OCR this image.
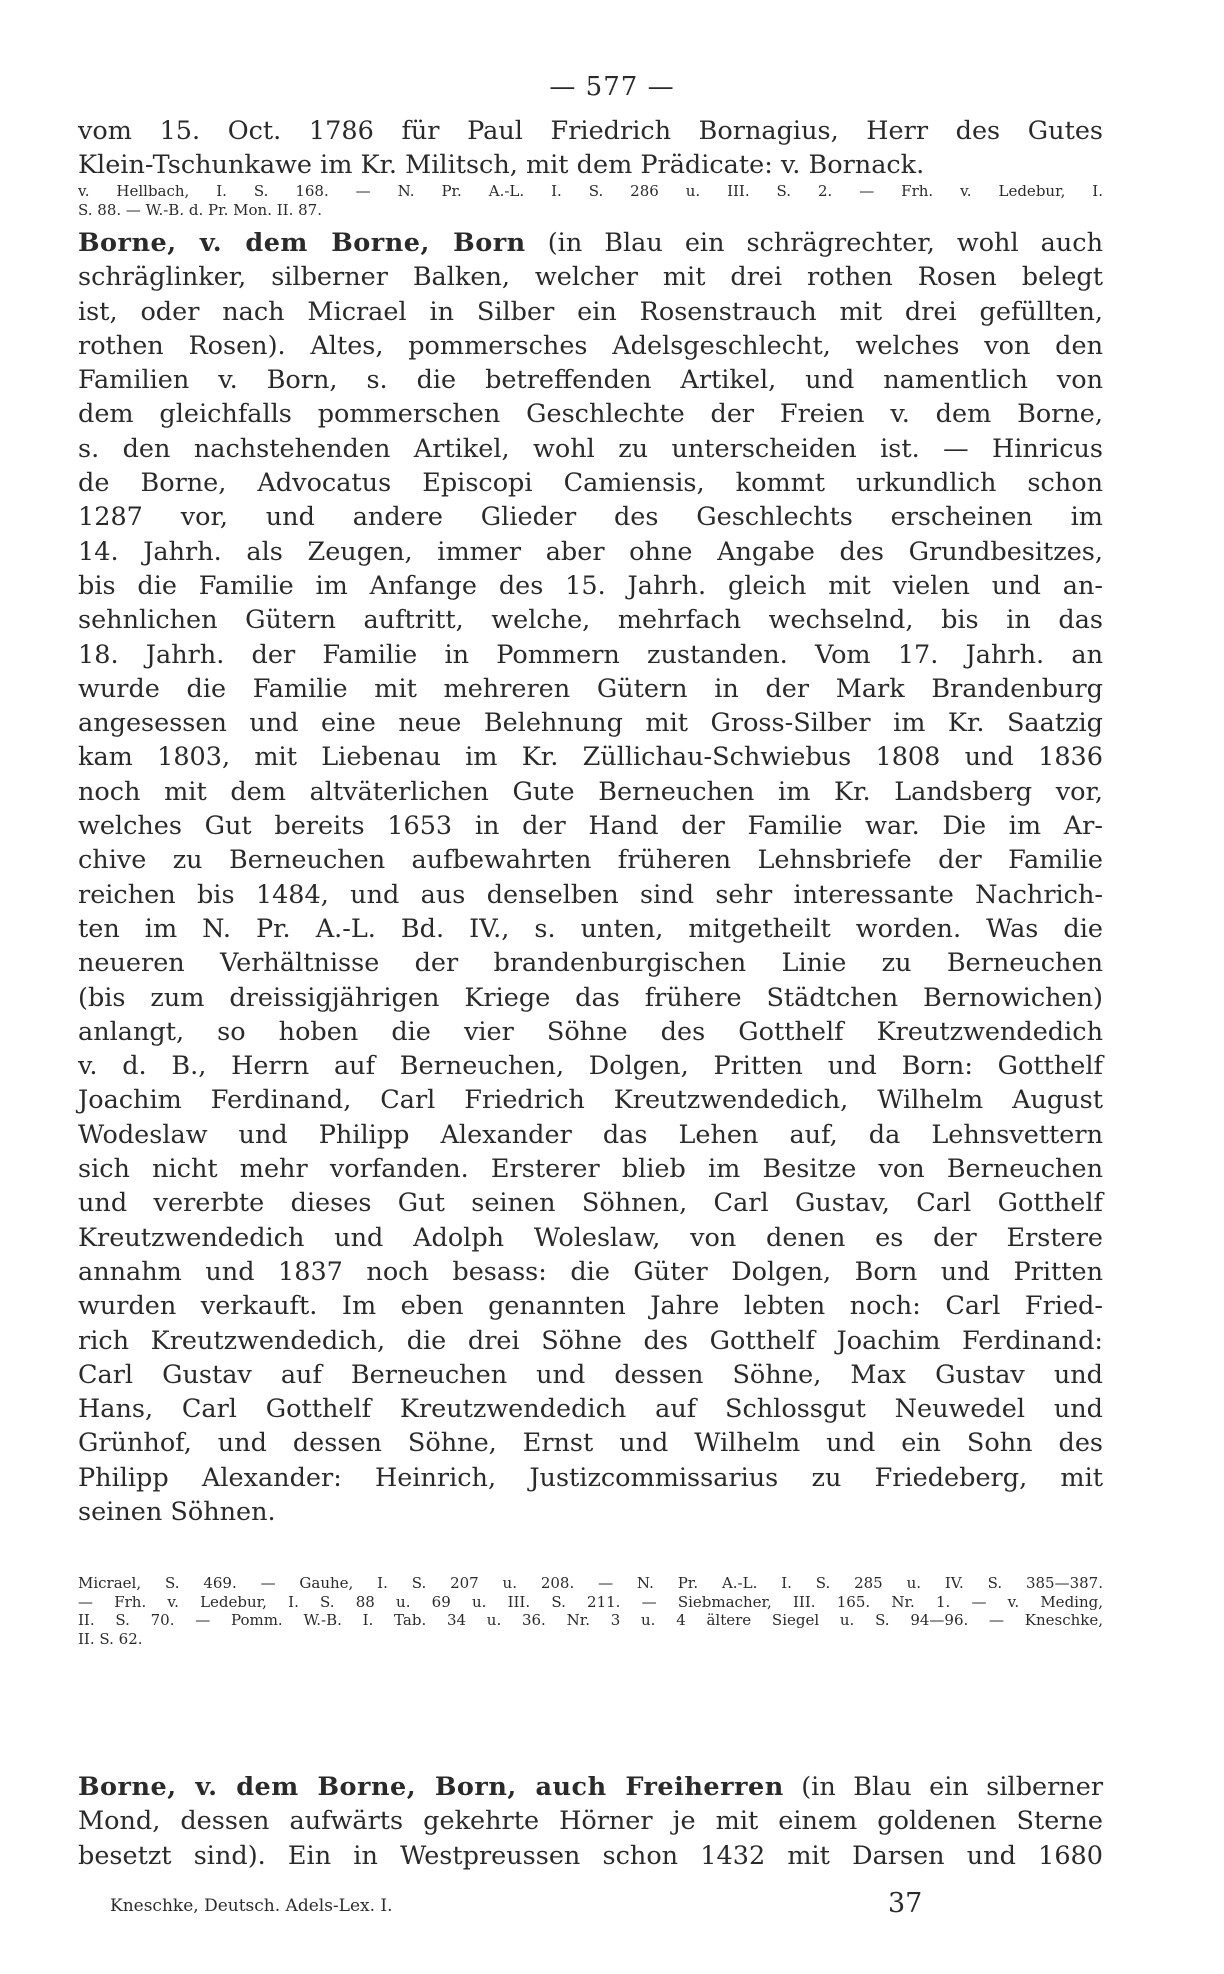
— 577 —
vom 15. Oct. 1786 für Paul Friedrich Bornagius, Herr des Gutes
Klein-Tschunkawe im Kr. Militsch, mit dem Prädicate: v. Bornack.
v. Hellbach, I. S. 168. — N. Pr. A.-L. I. S. 286 u. III. S. 2. — Frh. v. Ledebur, I.
S. 88. — W.-B. d. Pr. Mon. II. 87.
Borne, v. dem Borne, Born (in Blau ein schrägrechter, wohl auch
schräglinker, silberner Balken, welcher mit drei rothen Rosen belegt
ist, oder nach Micrael in Silber ein Rosenstrauch mit drei gefüllten,
rothen Rosen). Altes, pommersches Adelsgeschlecht, welches von den
Familien v. Born, s. die betreffenden Artikel, und namentlich von
dem gleichfalls pommerschen Geschlechte der Freien v. dem Borne,
s. den nachstehenden Artikel, wohl zu unterscheiden ist. — Hinricus
de Borne, Advocatus Episcopi Camiensis, kommt urkundlich schon
1287 vor, und andere Glieder des Geschlechts erscheinen im
14. Jahrh. als Zeugen, immer aber ohne Angabe des Grundbesitzes,
bis die Familie im Anfange des 15. Jahrh. gleich mit vielen und an-
sehnlichen Gütern auftritt, welche, mehrfach wechselnd, bis in das
18. Jahrh. der Familie in Pommern zustanden. Vom 17. Jahrh. an
wurde die Familie mit mehreren Gütern in der Mark Brandenburg
angesessen und eine neue Belehnung mit Gross-Silber im Kr. Saatzig
kam 1803, mit Liebenau im Kr. Züllichau-Schwiebus 1808 und 1836
noch mit dem altväterlichen Gute Berneuchen im Kr. Landsberg vor,
welches Gut bereits 1653 in der Hand der Familie war. Die im Ar-
chive zu Berneuchen aufbewahrten früheren Lehnsbriefe der Familie
reichen bis 1484, und aus denselben sind sehr interessante Nachrich-
ten im N. Pr. A.-L. Bd. IV., s. unten, mitgetheilt worden. Was die
neueren Verhältnisse der brandenburgischen Linie zu Berneuchen
(bis zum dreissigjährigen Kriege das frühere Städtchen Bernowichen)
anlangt, so hoben die vier Söhne des Gotthelf Kreutzwendedich
v. d. B., Herrn auf Berneuchen, Dolgen, Pritten und Born: Gotthelf
Joachim Ferdinand, Carl Friedrich Kreutzwendedich, Wilhelm August
Wodeslaw und Philipp Alexander das Lehen auf, da Lehnsvettern
sich nicht mehr vorfanden. Ersterer blieb im Besitze von Berneuchen
und vererbte dieses Gut seinen Söhnen, Carl Gustav, Carl Gotthelf
Kreutzwendedich und Adolph Woleslaw, von denen es der Erstere
annahm und 1837 noch besass: die Güter Dolgen, Born und Pritten
wurden verkauft. Im eben genannten Jahre lebten noch: Carl Fried-
rich Kreutzwendedich, die drei Söhne des Gotthelf Joachim Ferdinand:
Carl Gustav auf Berneuchen und dessen Söhne, Max Gustav und
Hans, Carl Gotthelf Kreutzwendedich auf Schlossgut Neuwedel und
Grünhof, und dessen Söhne, Ernst und Wilhelm und ein Sohn des
Philipp Alexander: Heinrich, Justizcommissarius zu Friedeberg, mit
seinen Söhnen.
Micrael, S. 469. — Gauhe, I. S. 207 u. 208. — N. Pr. A.-L. I. S. 285 u. IV. S. 385—387.
— Frh. v. Ledebur, I. S. 88 u. 69 u. III. S. 211. — Siebmacher, III. 165. Nr. 1. — v. Meding,
II. S. 70. — Pomm. W.-B. I. Tab. 34 u. 36. Nr. 3 u. 4 ältere Siegel u. S. 94—96. — Kneschke,
II. S. 62.
Borne, v. dem Borne, Born, auch Freiherren (in Blau ein silberner
Mond, dessen aufwärts gekehrte Hörner je mit einem goldenen Sterne
besetzt sind). Ein in Westpreussen schon 1432 mit Darsen und 1680
Kneschke, Deutsch. Adels-Lex. I.	37
